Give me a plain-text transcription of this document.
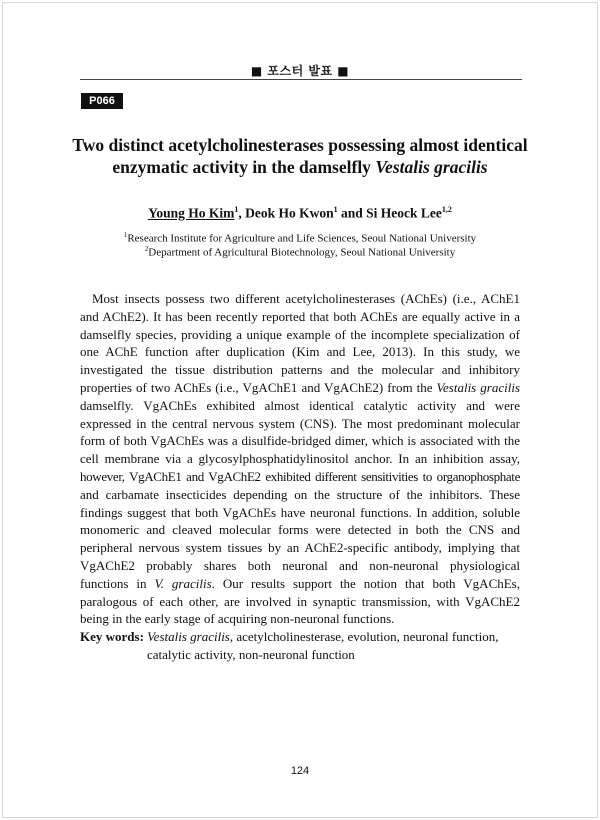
■ 포스터 발표 ■
P066
Two distinct acetylcholinesterases possessing almost identical
enzymatic activity in the damselfly Vestalis gracilis
Young Ho Kim$^1$, Deok Ho Kwon$^1$ and Si Heock Lee$^{1,2}$
$^1$Research Institute for Agriculture and Life Sciences, Seoul National University
$^2$Department of Agricultural Biotechnology, Seoul National University
Most insects possess two different acetylcholinesterases (AChEs) (i.e., AChE1
and AChE2). It has been recently reported that both AChEs are equally active in a
damselfly species, providing a unique example of the incomplete specialization of
one AChE function after duplication (Kim and Lee, 2013). In this study, we
investigated the tissue distribution patterns and the molecular and inhibitory
properties of two AChEs (i.e., VgAChE1 and VgAChE2) from the Vestalis gracilis
damselfly. VgAChEs exhibited almost identical catalytic activity and were
expressed in the central nervous system (CNS). The most predominant molecular
form of both VgAChEs was a disulfide-bridged dimer, which is associated with the
cell membrane via a glycosylphosphatidylinositol anchor. In an inhibition assay,
however, VgAChE1 and VgAChE2 exhibited different sensitivities to organophosphate
and carbamate insecticides depending on the structure of the inhibitors. These
findings suggest that both VgAChEs have neuronal functions. In addition, soluble
monomeric and cleaved molecular forms were detected in both the CNS and
peripheral nervous system tissues by an AChE2-specific antibody, implying that
VgAChE2 probably shares both neuronal and non-neuronal physiological
functions in V. gracilis. Our results support the notion that both VgAChEs,
paralogous of each other, are involved in synaptic transmission, with VgAChE2
being in the early stage of acquiring non-neuronal functions.
Key words: Vestalis gracilis, acetylcholinesterase, evolution, neuronal function,
catalytic activity, non-neuronal function
124
